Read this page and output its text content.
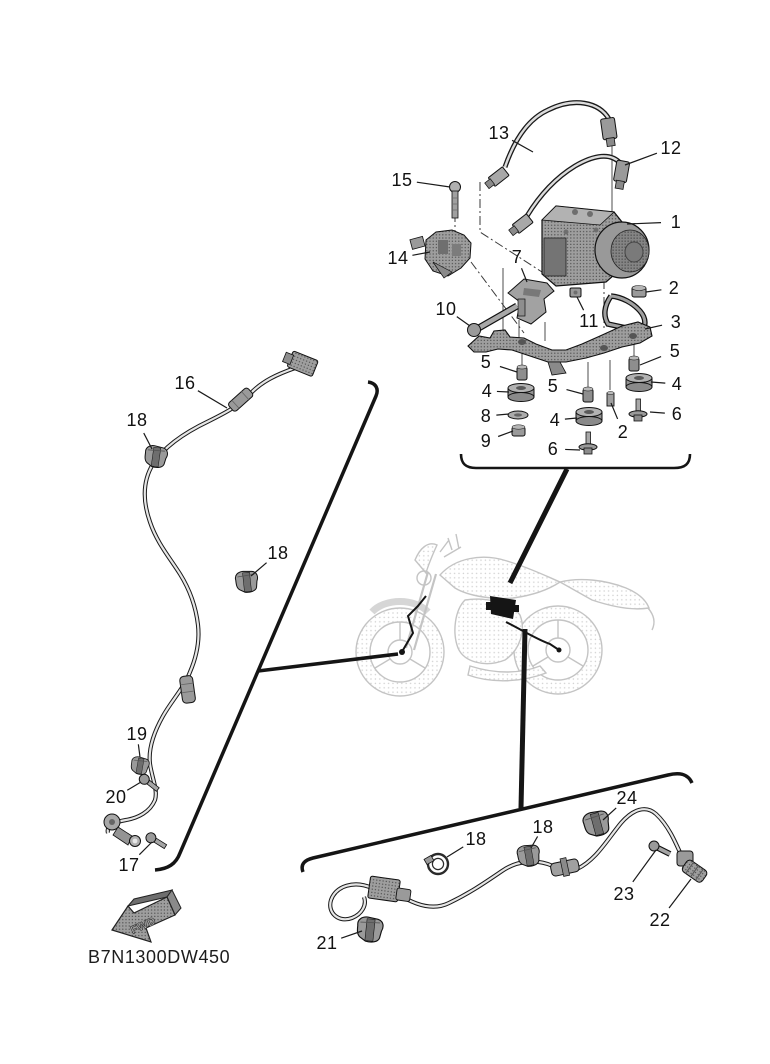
FWD
13
12
15
1
14	7
2
10
11	3
5
5
4	5	4
8	4	6
9	2
6
16
18
18
19
20
17
24
18
18
23
22
21
B7N1300DW450
